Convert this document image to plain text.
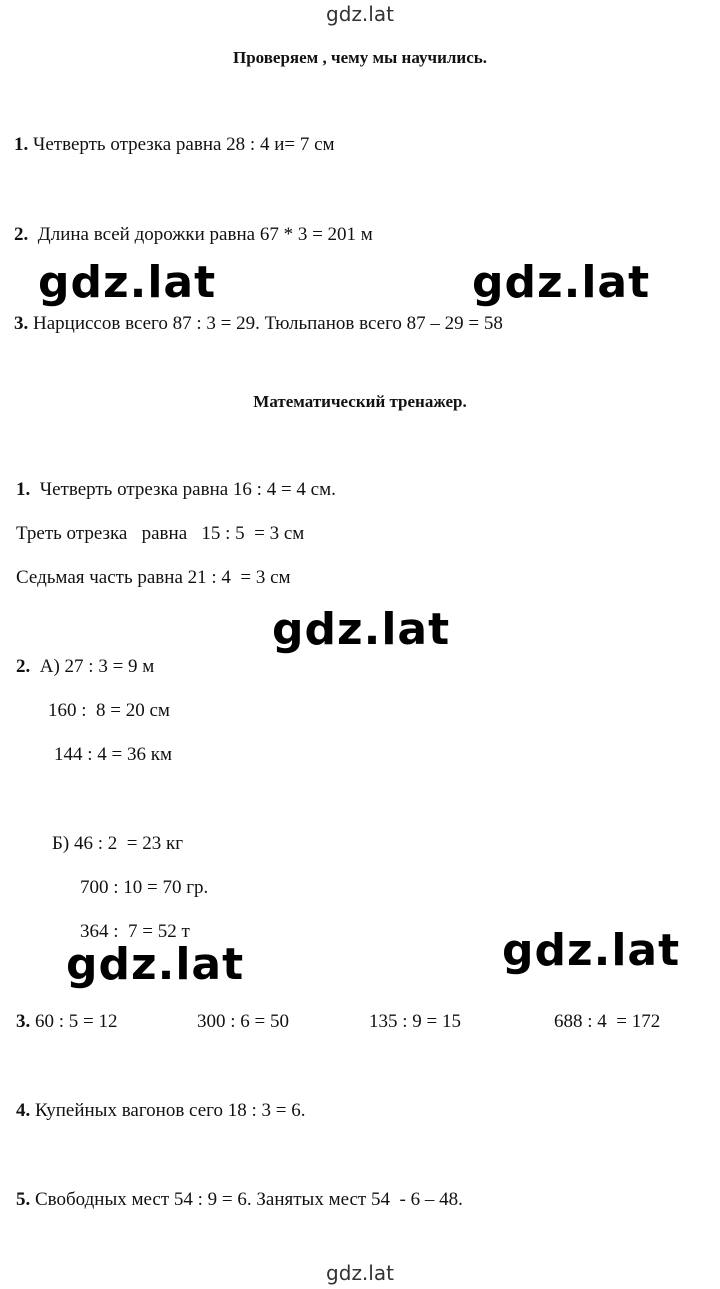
gdz.lat
Проверяем , чему мы научились.
1. Четверть отрезка равна 28 : 4 и= 7 см
2.  Длина всей дорожки равна 67 * 3 = 201 м
3. Нарциссов всего 87 : 3 = 29. Тюльпанов всего 87 – 29 = 58
Математический тренажер.
1.  Четверть отрезка равна 16 : 4 = 4 см.
Треть отрезка   равна   15 : 5  = 3 см
Седьмая часть равна 21 : 4  = 3 см
2.  А) 27 : 3 = 9 м
160 :  8 = 20 см
144 : 4 = 36 км
Б) 46 : 2  = 23 кг
700 : 10 = 70 гр.

364 :  7 = 52 т

3. 60 : 5 = 12	300 : 6 = 50	135 : 9 = 15	688 : 4  = 172
4. Купейных вагонов сего 18 : 3 = 6.
5. Свободных мест 54 : 9 = 6. Занятых мест 54  - 6 – 48.
gdz.lat	gdz.lat
gdz.lat
gdz.lat	gdz.lat
gdz.lat
